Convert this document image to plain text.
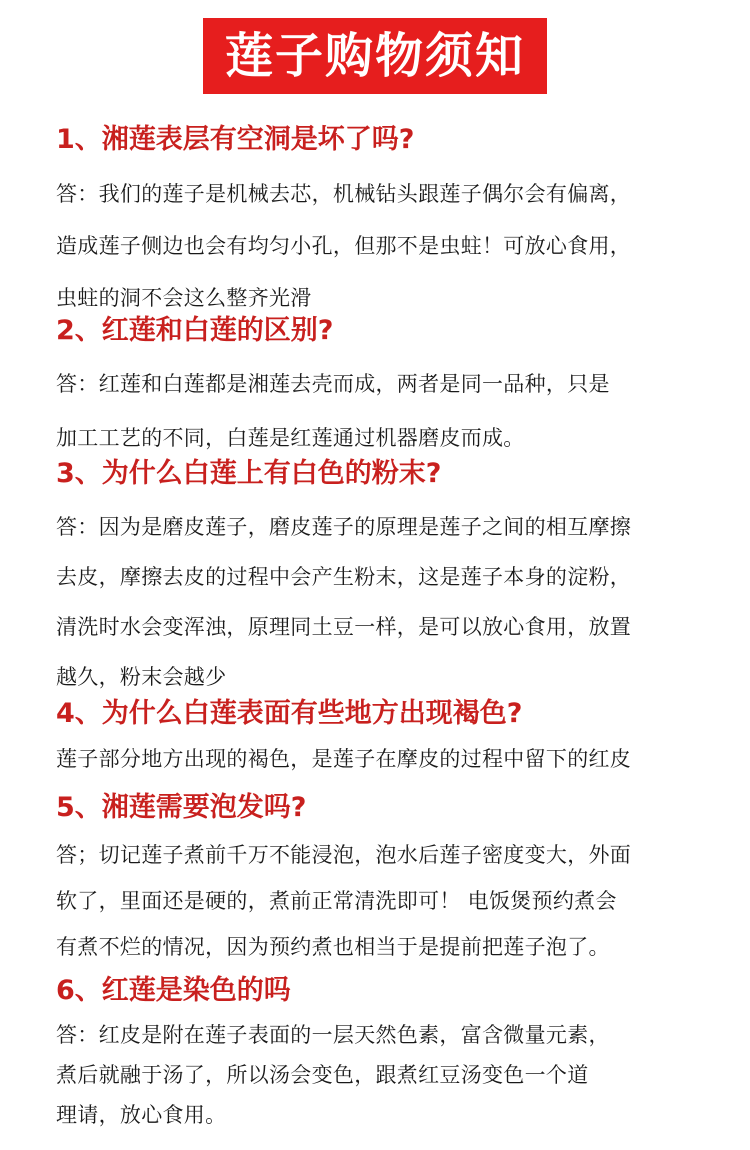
莲子购物须知
1、湘莲表层有空洞是坏了吗?
答：我们的莲子是机械去芯，机械钻头跟莲子偶尔会有偏离，
造成莲子侧边也会有均匀小孔，但那不是虫蛀！可放心食用，
虫蛀的洞不会这么整齐光滑
2、红莲和白莲的区别?
答：红莲和白莲都是湘莲去壳而成，两者是同一品种，只是
加工工艺的不同，白莲是红莲通过机器磨皮而成。
3、为什么白莲上有白色的粉末?
答：因为是磨皮莲子，磨皮莲子的原理是莲子之间的相互摩擦
去皮，摩擦去皮的过程中会产生粉末，这是莲子本身的淀粉，
清洗时水会变浑浊，原理同土豆一样，是可以放心食用，放置
越久，粉末会越少
4、为什么白莲表面有些地方出现褐色?
莲子部分地方出现的褐色，是莲子在摩皮的过程中留下的红皮
5、湘莲需要泡发吗?
答；切记莲子煮前千万不能浸泡，泡水后莲子密度变大，外面
软了，里面还是硬的，煮前正常清洗即可！ 电饭煲预约煮会
有煮不烂的情况，因为预约煮也相当于是提前把莲子泡了。
6、红莲是染色的吗
答：红皮是附在莲子表面的一层天然色素，富含微量元素，
煮后就融于汤了，所以汤会变色，跟煮红豆汤变色一个道
理请，放心食用。
